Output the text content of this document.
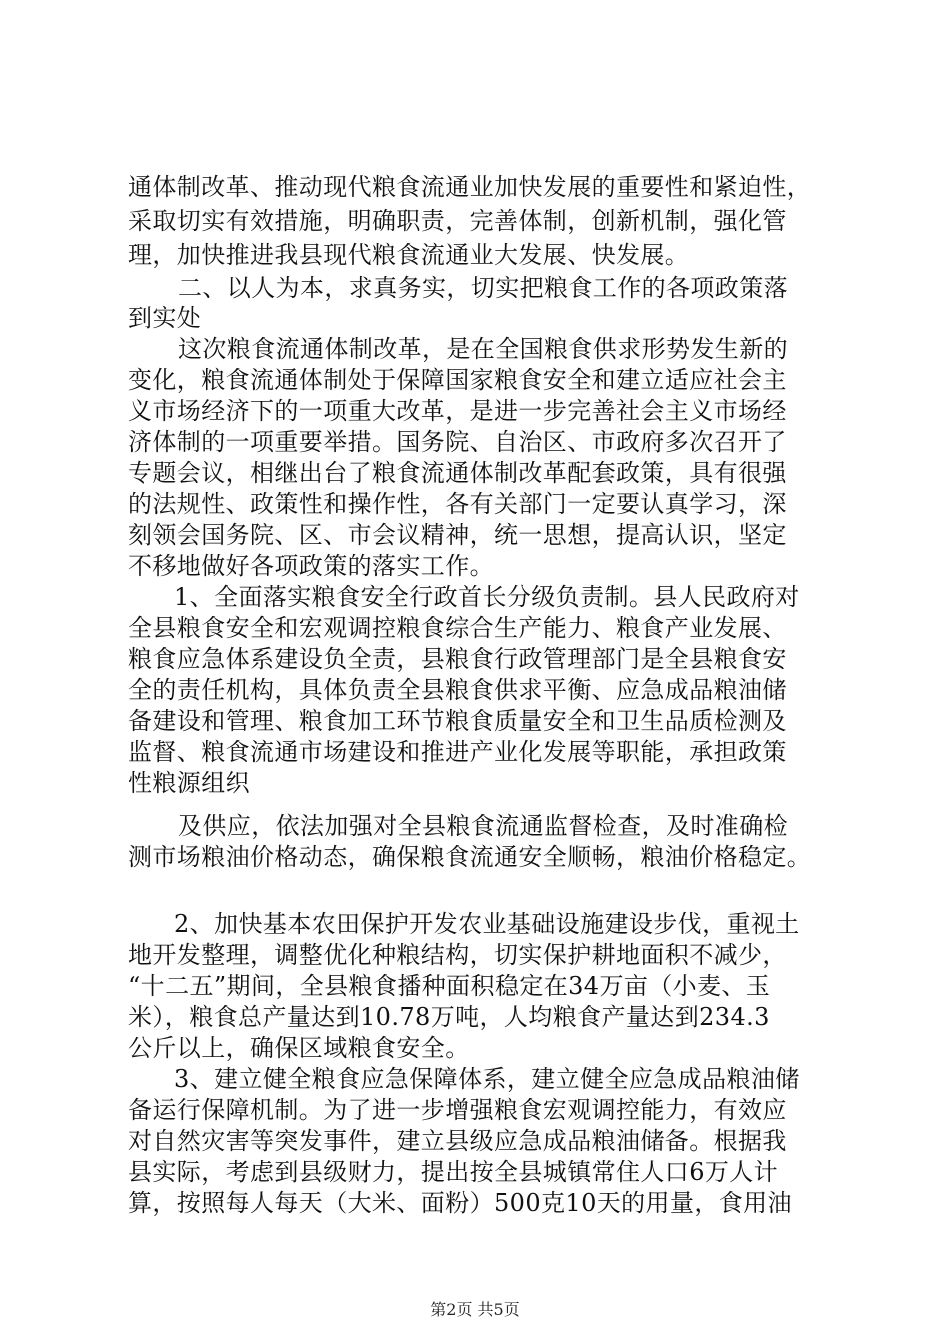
通体制改革、推动现代粮食流通业加快发展的重要性和紧迫性，
采取切实有效措施，明确职责，完善体制，创新机制，强化管
理，加快推进我县现代粮食流通业大发展、快发展。
二、以人为本，求真务实，切实把粮食工作的各项政策落
到实处
这次粮食流通体制改革，是在全国粮食供求形势发生新的
变化，粮食流通体制处于保障国家粮食安全和建立适应社会主
义市场经济下的一项重大改革，是进一步完善社会主义市场经
济体制的一项重要举措。国务院、自治区、市政府多次召开了
专题会议，相继出台了粮食流通体制改革配套政策，具有很强
的法规性、政策性和操作性，各有关部门一定要认真学习，深
刻领会国务院、区、市会议精神，统一思想，提高认识，坚定
不移地做好各项政策的落实工作。
1、全面落实粮食安全行政首长分级负责制。县人民政府对
全县粮食安全和宏观调控粮食综合生产能力、粮食产业发展、
粮食应急体系建设负全责，县粮食行政管理部门是全县粮食安
全的责任机构，具体负责全县粮食供求平衡、应急成品粮油储
备建设和管理、粮食加工环节粮食质量安全和卫生品质检测及
监督、粮食流通市场建设和推进产业化发展等职能，承担政策
性粮源组织
及供应，依法加强对全县粮食流通监督检查，及时准确检
测市场粮油价格动态，确保粮食流通安全顺畅，粮油价格稳定。
2、加快基本农田保护开发农业基础设施建设步伐，重视土
地开发整理，调整优化种粮结构，切实保护耕地面积不减少，
“十二五”期间，全县粮食播种面积稳定在34万亩（小麦、玉
米），粮食总产量达到10.78万吨，人均粮食产量达到234.3
公斤以上，确保区域粮食安全。
3、建立健全粮食应急保障体系，建立健全应急成品粮油储
备运行保障机制。为了进一步增强粮食宏观调控能力，有效应
对自然灾害等突发事件，建立县级应急成品粮油储备。根据我
县实际，考虑到县级财力，提出按全县城镇常住人口6万人计
算，按照每人每天（大米、面粉）500克10天的用量，食用油
第2页 共5页
